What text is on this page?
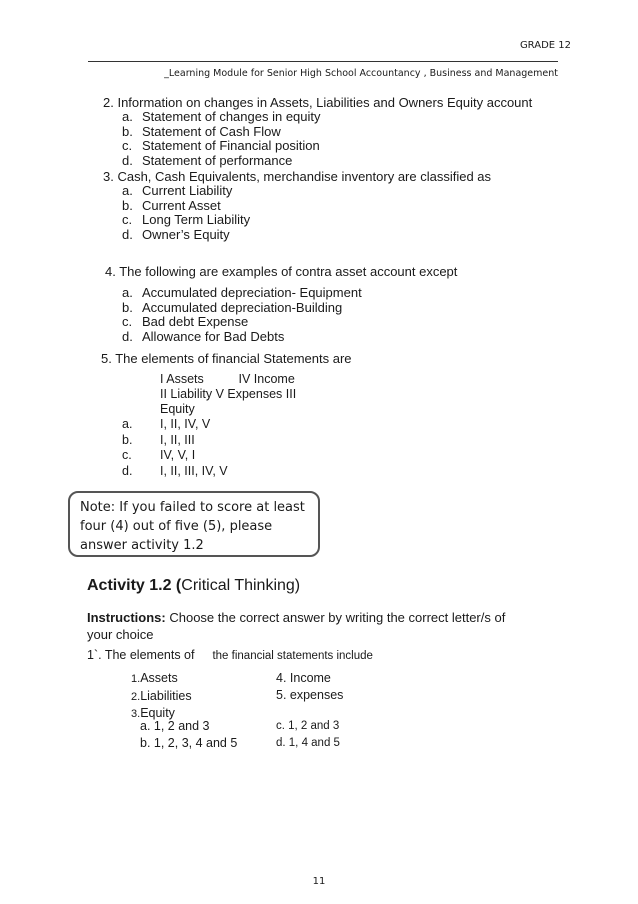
GRADE 12
_Learning Module for Senior High School Accountancy , Business and Management
2. Information on changes in Assets, Liabilities and Owners Equity account
a. Statement of changes in equity
b. Statement of Cash Flow
c. Statement of Financial position
d. Statement of performance
3. Cash, Cash Equivalents, merchandise inventory are classified as
a. Current Liability
b. Current Asset
c. Long Term Liability
d. Owner’s Equity
4. The following are examples of contra asset account except
a. Accumulated depreciation- Equipment
b. Accumulated depreciation-Building
c. Bad debt Expense
d. Allowance for Bad Debts
5. The elements of financial Statements are
I Assets          IV Income
II Liability V Expenses III
Equity
a. I, II, IV, V
b. I, II, III
c. IV, V, I
d. I, II, III, IV, V
Note: If you failed to score at least four (4) out of five (5), please answer activity 1.2
Activity 1.2 (Critical Thinking)
Instructions: Choose the correct answer by writing the correct letter/s of your choice
1`. The elements of the financial statements include
1.Assets
2.Liabilities
3.Equity
4. Income
5. expenses
a. 1, 2 and 3
b. 1, 2, 3, 4 and 5
c. 1, 2 and 3
d. 1, 4 and 5
11
